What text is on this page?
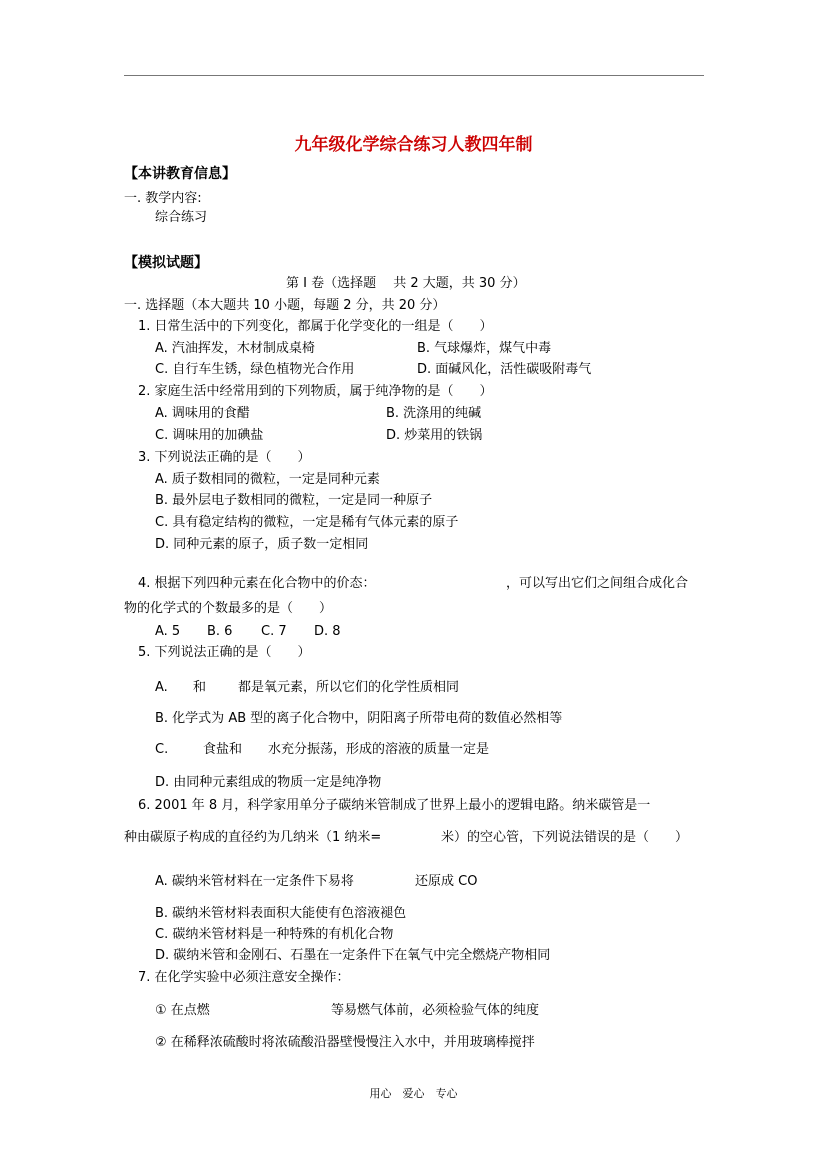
九年级化学综合练习人教四年制
【本讲教育信息】
一. 教学内容:
综合练习
【模拟试题】
第 I 卷（选择题　 共 2 大题，共 30 分）
一. 选择题（本大题共 10 小题，每题 2 分，共 20 分）
1. 日常生活中的下列变化，都属于化学变化的一组是（　　）
A. 汽油挥发，木材制成桌椅	B. 气球爆炸，煤气中毒
C. 自行车生锈，绿色植物光合作用	D. 面碱风化，活性碳吸附毒气
2. 家庭生活中经常用到的下列物质，属于纯净物的是（　　）
A. 调味用的食醋	B. 洗涤用的纯碱
C. 调味用的加碘盐	D. 炒菜用的铁锅
3. 下列说法正确的是（　　）
A. 质子数相同的微粒，一定是同种元素
B. 最外层电子数相同的微粒，一定是同一种原子
C. 具有稳定结构的微粒，一定是稀有气体元素的原子
D. 同种元素的原子，质子数一定相同
4. 根据下列四种元素在化合物中的价态：	，可以写出它们之间组合成化合
物的化学式的个数最多的是（　　）
A. 5 B. 6 C. 7 D. 8
5. 下列说法正确的是（　　）
A. 和 都是氧元素，所以它们的化学性质相同
B. 化学式为 AB 型的离子化合物中，阴阳离子所带电荷的数值必然相等
C.	食盐和 水充分振荡，形成的溶液的质量一定是
D. 由同种元素组成的物质一定是纯净物
6. 2001 年 8 月，科学家用单分子碳纳米管制成了世界上最小的逻辑电路。纳米碳管是一
种由碳原子构成的直径约为几纳米（1 纳米=	米）的空心管，下列说法错误的是（　　）
A. 碳纳米管材料在一定条件下易将	还原成 CO
B. 碳纳米管材料表面积大能使有色溶液褪色
C. 碳纳米管材料是一种特殊的有机化合物
D. 碳纳米管和金刚石、石墨在一定条件下在氧气中完全燃烧产物相同
7. 在化学实验中必须注意安全操作：
① 在点燃	等易燃气体前，必须检验气体的纯度
② 在稀释浓硫酸时将浓硫酸沿器壁慢慢注入水中，并用玻璃棒搅拌
用心　爱心　专心
